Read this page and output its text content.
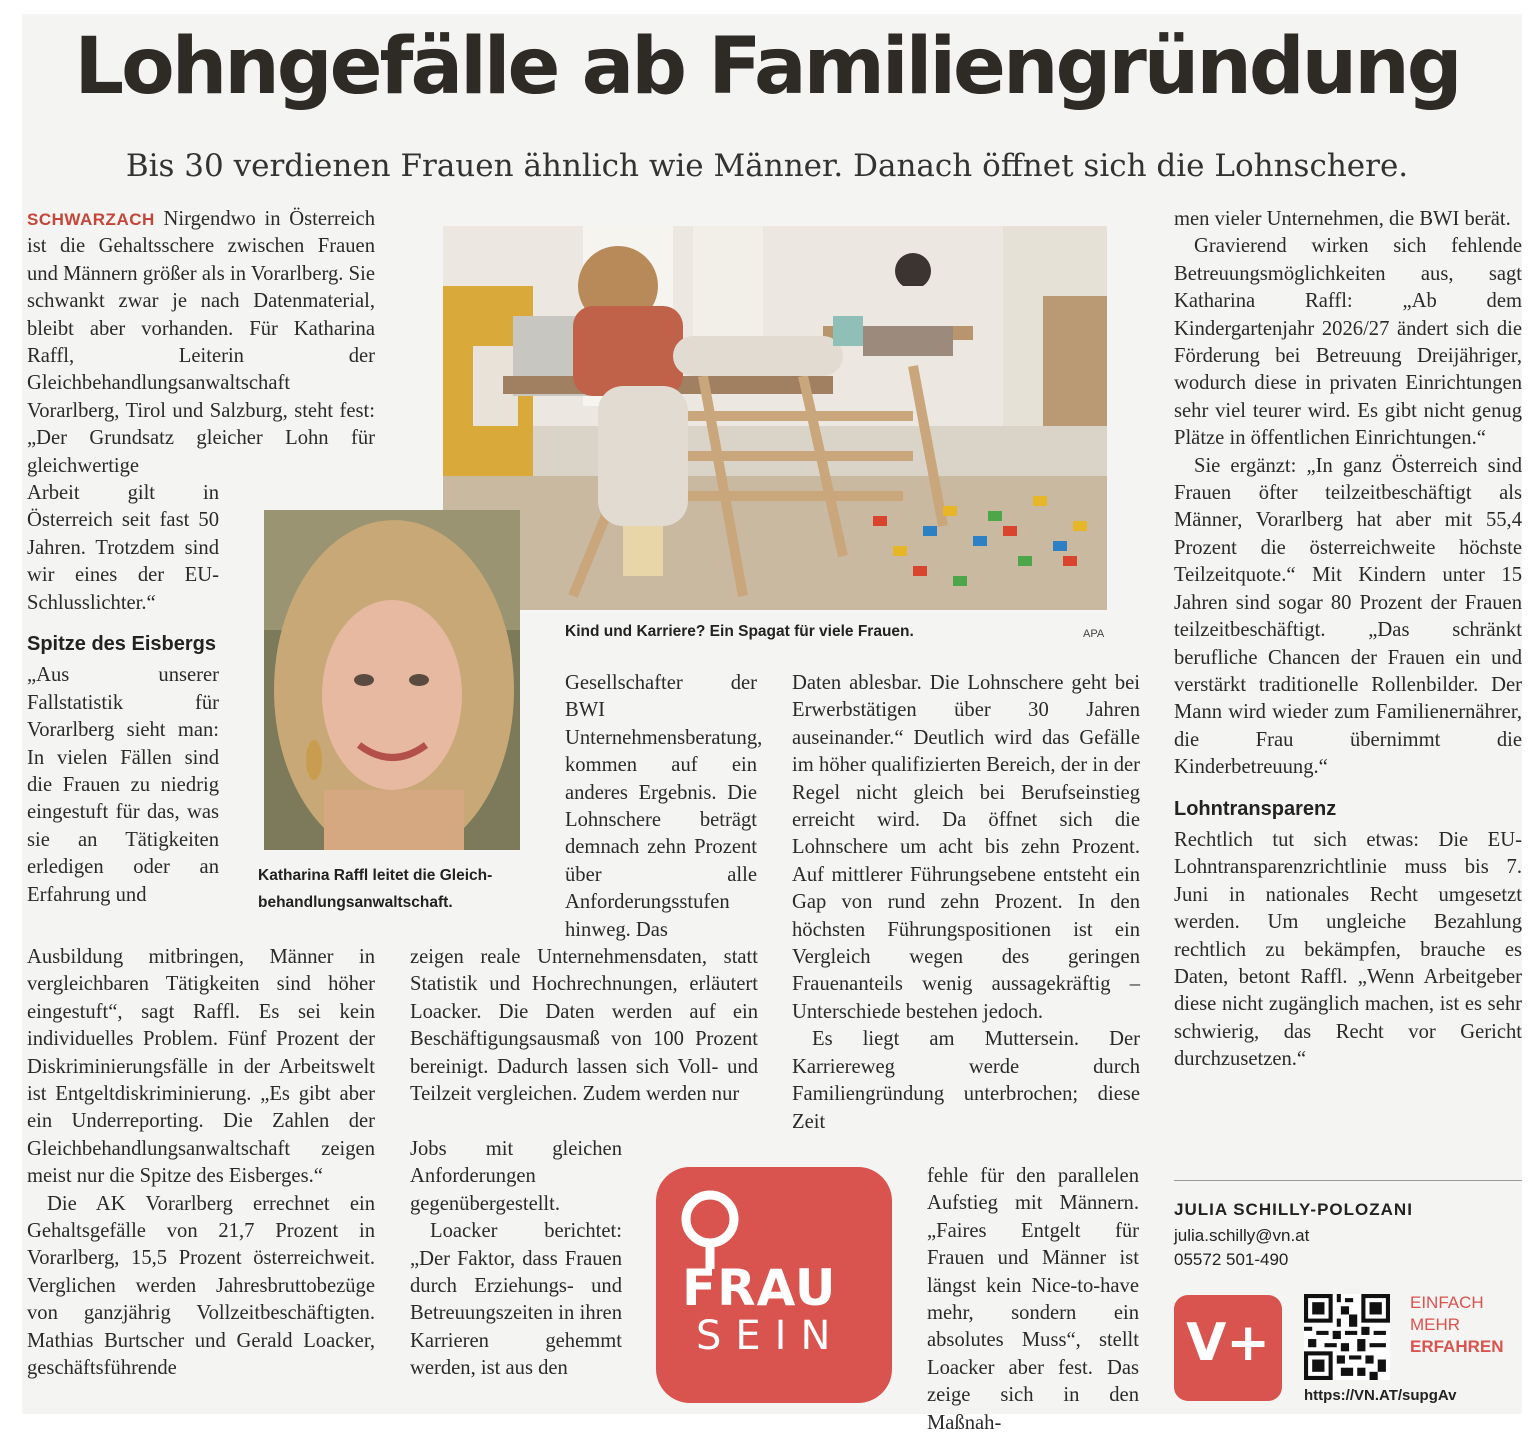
Lohngefälle ab Familiengründung
Bis 30 verdienen Frauen ähnlich wie Männer. Danach öffnet sich die Lohnschere.

SCHWARZACH Nirgendwo in Österreich ist die Gehaltsschere zwischen Frauen und Männern größer als in Vorarlberg. Sie schwankt zwar je nach Datenmaterial, bleibt aber vorhanden. Für Katharina Raffl, Leiterin der Gleichbehandlungsanwaltschaft Vorarlberg, Tirol und Salzburg, steht fest: „Der Grundsatz gleicher Lohn für gleichwertige

Arbeit gilt in Österreich seit fast 50 Jahren. Trotzdem sind wir eines der EU-Schlusslichter.“

Spitze des Eisbergs

„Aus unserer Fallstatistik für Vorarlberg sieht man: In vielen Fällen sind die Frauen zu niedrig eingestuft für das, was sie an Tätigkeiten erledigen oder an Erfahrung und

Ausbildung mitbringen, Männer in vergleichbaren Tätigkeiten sind höher eingestuft“, sagt Raffl. Es sei kein individuelles Problem. Fünf Prozent der Diskriminierungsfälle in der Arbeitswelt ist Entgeltdiskriminierung. „Es gibt aber ein Underreporting. Die Zahlen der Gleichbehandlungsanwaltschaft zeigen meist nur die Spitze des Eisberges.“

Die AK Vorarlberg errechnet ein Gehaltsgefälle von 21,7 Prozent in Vorarlberg, 15,5 Prozent österreichweit. Verglichen werden Jahresbruttobezüge von ganzjährig Vollzeitbeschäftigten. Mathias Burtscher und Gerald Loacker, geschäftsführende

Kind und Karriere? Ein Spagat für viele Frauen.	APA
Katharina Raffl leitet die Gleich-
behandlungsanwaltschaft.

Gesellschafter der BWI Unternehmensberatung, kommen auf ein anderes Ergebnis. Die Lohnschere beträgt demnach zehn Prozent über alle Anforderungsstufen hinweg. Das

zeigen reale Unternehmensdaten, statt Statistik und Hochrechnungen, erläutert Loacker. Die Daten werden auf ein Beschäftigungsausmaß von 100 Prozent bereinigt. Dadurch lassen sich Voll- und Teilzeit vergleichen. Zudem werden nur

Jobs mit gleichen Anforderungen gegenübergestellt.

Loacker berichtet: „Der Faktor, dass Frauen durch Erziehungs- und Betreuungszeiten in ihren Karrieren gehemmt werden, ist aus den

Daten ablesbar. Die Lohnschere geht bei Erwerbstätigen über 30 Jahren auseinander.“ Deutlich wird das Gefälle im höher qualifizierten Bereich, der in der Regel nicht gleich bei Berufseinstieg erreicht wird. Da öffnet sich die Lohnschere um acht bis zehn Prozent. Auf mittlerer Führungsebene entsteht ein Gap von rund zehn Prozent. In den höchsten Führungspositionen ist ein Vergleich wegen des geringen Frauenanteils wenig aussagekräftig – Unterschiede bestehen jedoch.

Es liegt am Muttersein. Der Karriereweg werde durch Familiengründung unterbrochen; diese Zeit

fehle für den parallelen Aufstieg mit Männern. „Faires Entgelt für Frauen und Männer ist längst kein Nice-to-have mehr, sondern ein absolutes Muss“, stellt Loacker aber fest. Das zeige sich in den Maßnah-

FRAU
SEIN

men vieler Unternehmen, die BWI berät.

Gravierend wirken sich fehlende Betreuungsmöglichkeiten aus, sagt Katharina Raffl: „Ab dem Kindergartenjahr 2026/27 ändert sich die Förderung bei Betreuung Dreijähriger, wodurch diese in privaten Einrichtungen sehr viel teurer wird. Es gibt nicht genug Plätze in öffentlichen Einrichtungen.“

Sie ergänzt: „In ganz Österreich sind Frauen öfter teilzeitbeschäftigt als Männer, Vorarlberg hat aber mit 55,4 Prozent die österreichweite höchste Teilzeitquote.“ Mit Kindern unter 15 Jahren sind sogar 80 Prozent der Frauen teilzeitbeschäftigt. „Das schränkt berufliche Chancen der Frauen ein und verstärkt traditionelle Rollenbilder. Der Mann wird wieder zum Familienernährer, die Frau übernimmt die Kinderbetreuung.“

Lohntransparenz

Rechtlich tut sich etwas: Die EU-Lohntransparenzrichtlinie muss bis 7. Juni in nationales Recht umgesetzt werden. Um ungleiche Bezahlung rechtlich zu bekämpfen, brauche es Daten, betont Raffl. „Wenn Arbeitgeber diese nicht zugänglich machen, ist es sehr schwierig, das Recht vor Gericht durchzusetzen.“

JULIA SCHILLY-POLOZANI
julia.schilly@vn.at
05572 501-490
V+
EINFACH
MEHR
ERFAHREN
https://VN.AT/supgAv
